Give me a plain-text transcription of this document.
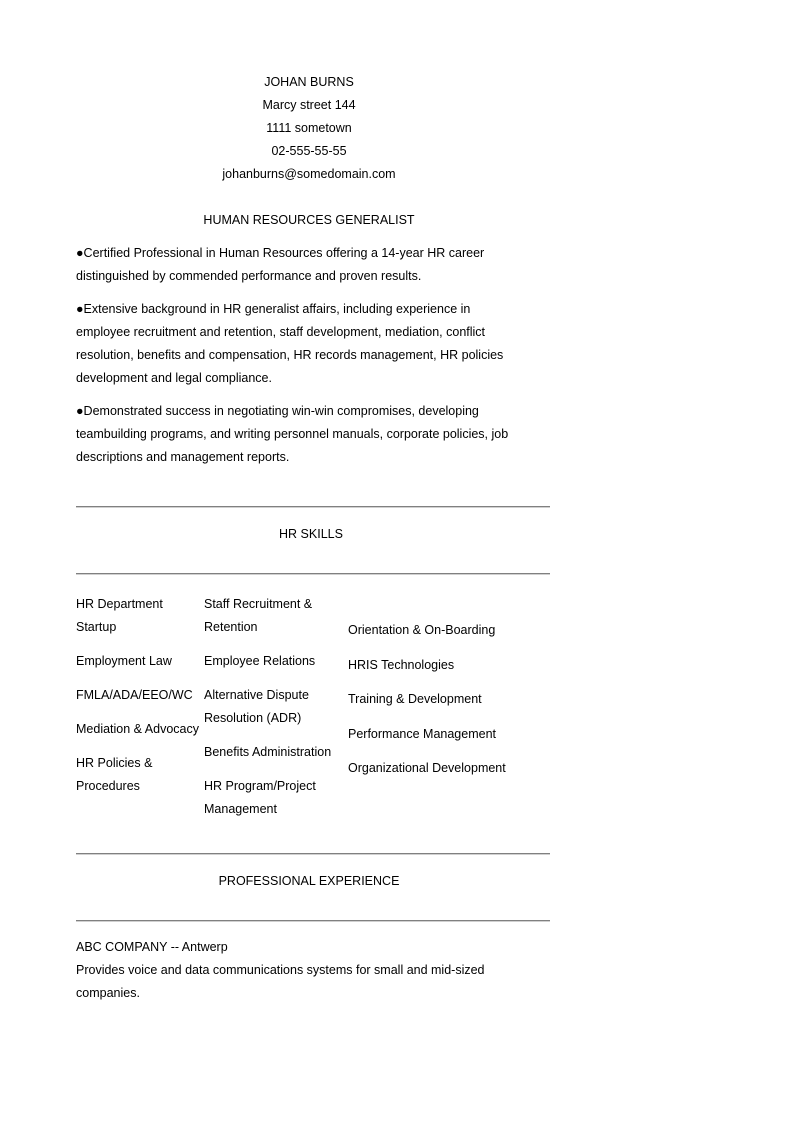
JOHAN BURNS
Marcy street 144
1111 sometown
02-555-55-55
johanburns@somedomain.com
HUMAN RESOURCES GENERALIST

●Certified Professional in Human Resources offering a 14-year HR career distinguished by commended performance and proven results.

●Extensive background in HR generalist affairs, including experience in employee recruitment and retention, staff development, mediation, conflict resolution, benefits and compensation, HR records management, HR policies development and legal compliance.

●Demonstrated success in negotiating win-win compromises, developing teambuilding programs, and writing personnel manuals, corporate policies, job descriptions and management reports.

HR SKILLS
HR Department Startup
Employment Law
FMLA/ADA/EEO/WC
Mediation & Advocacy
HR Policies & Procedures
Staff Recruitment & Retention
Employee Relations
Alternative Dispute Resolution (ADR)
Benefits Administration
HR Program/Project Management
Orientation & On-Boarding
HRIS Technologies
Training & Development
Performance Management
Organizational Development
PROFESSIONAL EXPERIENCE
ABC COMPANY -- Antwerp
Provides voice and data communications systems for small and mid-sized companies.
